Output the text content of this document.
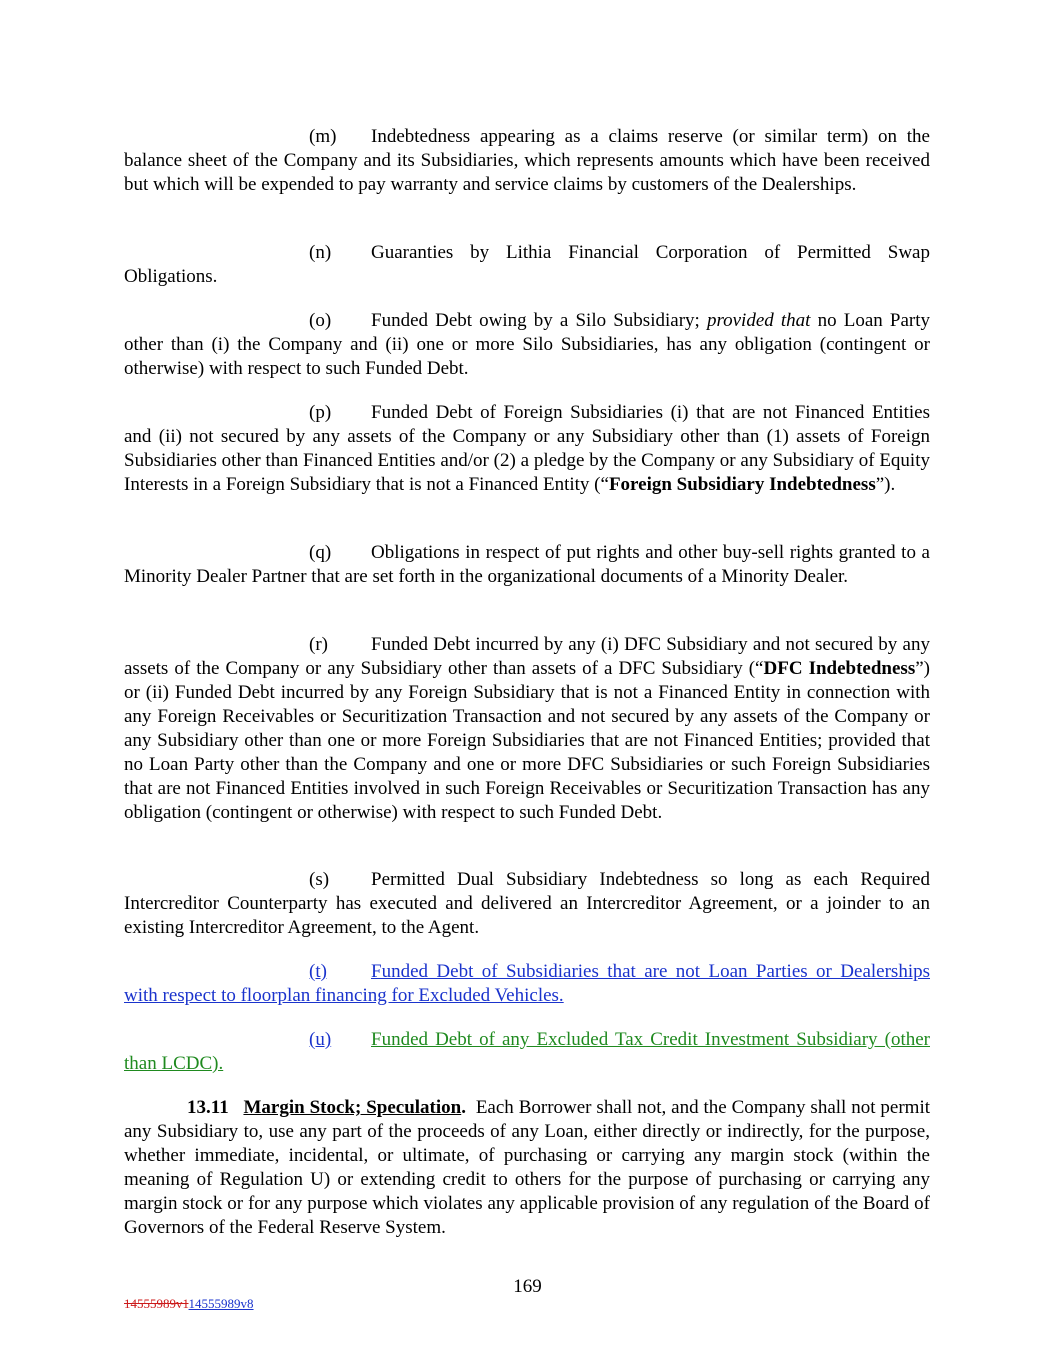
(m) Indebtedness appearing as a claims reserve (or similar term) on the balance sheet of the Company and its Subsidiaries, which represents amounts which have been received but which will be expended to pay warranty and service claims by customers of the Dealerships.

(n) Guaranties by Lithia Financial Corporation of Permitted Swap Obligations.

(o) Funded Debt owing by a Silo Subsidiary; provided that no Loan Party other than (i) the Company and (ii) one or more Silo Subsidiaries, has any obligation (contingent or otherwise) with respect to such Funded Debt.

(p) Funded Debt of Foreign Subsidiaries (i) that are not Financed Entities and (ii) not secured by any assets of the Company or any Subsidiary other than (1) assets of Foreign Subsidiaries other than Financed Entities and/or (2) a pledge by the Company or any Subsidiary of Equity Interests in a Foreign Subsidiary that is not a Financed Entity (“Foreign Subsidiary Indebtedness”).

(q) Obligations in respect of put rights and other buy-sell rights granted to a Minority Dealer Partner that are set forth in the organizational documents of a Minority Dealer.

(r) Funded Debt incurred by any (i) DFC Subsidiary and not secured by any assets of the Company or any Subsidiary other than assets of a DFC Subsidiary (“DFC Indebtedness”) or (ii) Funded Debt incurred by any Foreign Subsidiary that is not a Financed Entity in connection with any Foreign Receivables or Securitization Transaction and not secured by any assets of the Company or any Subsidiary other than one or more Foreign Subsidiaries that are not Financed Entities; provided that no Loan Party other than the Company and one or more DFC Subsidiaries or such Foreign Subsidiaries that are not Financed Entities involved in such Foreign Receivables or Securitization Transaction has any obligation (contingent or otherwise) with respect to such Funded Debt.

(s) Permitted Dual Subsidiary Indebtedness so long as each Required Intercreditor Counterparty has executed and delivered an Intercreditor Agreement, or a joinder to an existing Intercreditor Agreement, to the Agent.

(t) Funded Debt of Subsidiaries that are not Loan Parties or Dealerships with respect to floorplan financing for Excluded Vehicles.

(u) Funded Debt of any Excluded Tax Credit Investment Subsidiary (other than LCDC).

13.11 Margin Stock; Speculation. Each Borrower shall not, and the Company shall not permit any Subsidiary to, use any part of the proceeds of any Loan, either directly or indirectly, for the purpose, whether immediate, incidental, or ultimate, of purchasing or carrying any margin stock (within the meaning of Regulation U) or extending credit to others for the purpose of purchasing or carrying any margin stock or for any purpose which violates any applicable provision of any regulation of the Board of Governors of the Federal Reserve System.

169
14555989v114555989v8
